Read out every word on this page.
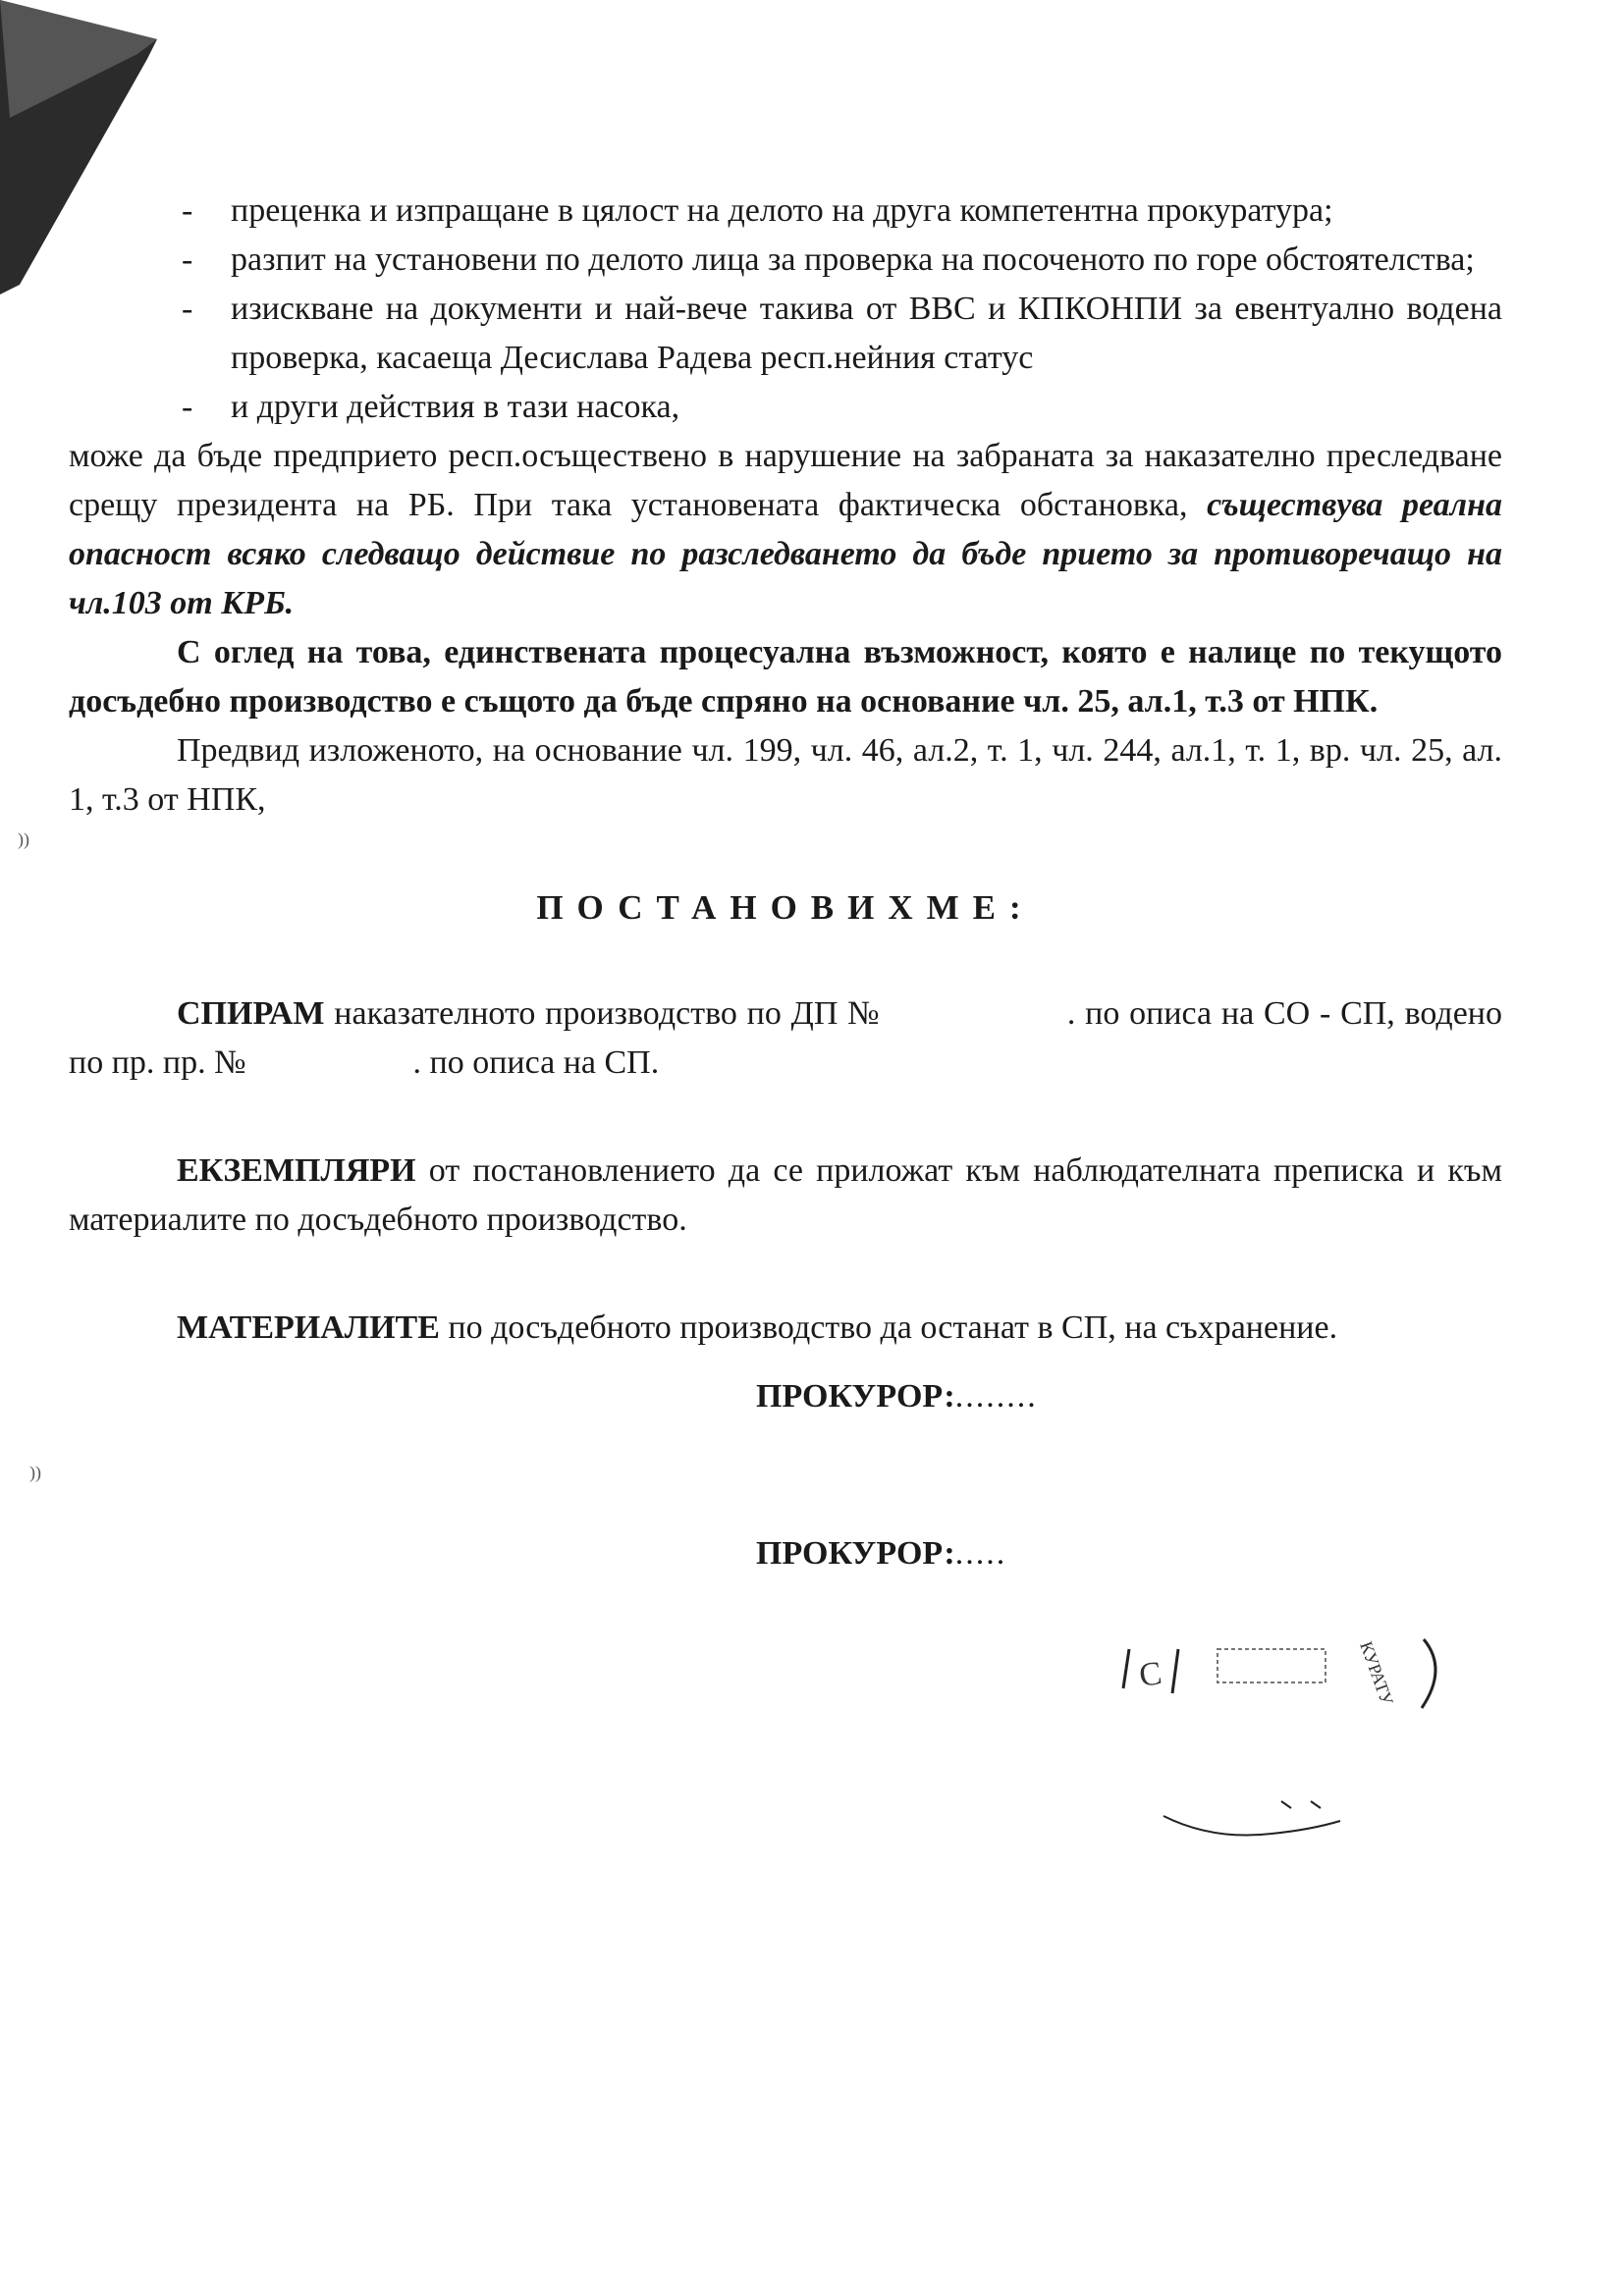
))
))
- преценка и изпращане в цялост на делото на друга компетентна прокуратура;
- разпит на установени по делото лица за проверка на посоченото по горе обстоятелства;
- изискване на документи и най-вече такива от ВВС и КПКОНПИ за евентуално водена проверка, касаеща Десислава Радева респ.нейния статус
- и други действия в тази насока,

може да бъде предприето респ.осъществено в нарушение на забраната за наказателно преследване срещу президента на РБ. При така установената фактическа обстановка, съществува реална опасност всяко следващо действие по разследването да бъде прието за противоречащо на чл.103 от КРБ.

С оглед на това, единствената процесуална възможност, която е налице по текущото досъдебно производство е същото да бъде спряно на основание чл. 25, ал.1, т.3 от НПК.

Предвид изложеното, на основание чл. 199, чл. 46, ал.2, т. 1, чл. 244, ал.1, т. 1, вр. чл. 25, ал. 1, т.3 от НПК,

ПОСТАНОВИХМЕ:

СПИРАМ наказателното производство по ДП №	. по описа на СО - СП, водено по пр. пр. №	. по описа на СП.

ЕКЗЕМПЛЯРИ от постановлението да се приложат към наблюдателната преписка и към материалите по досъдебното производство.

МАТЕРИАЛИТЕ по досъдебното производство да останат в СП, на съхранение.

ПРОКУРОР:........
ПРОКУРОР:.....
С	КУРАТУ
